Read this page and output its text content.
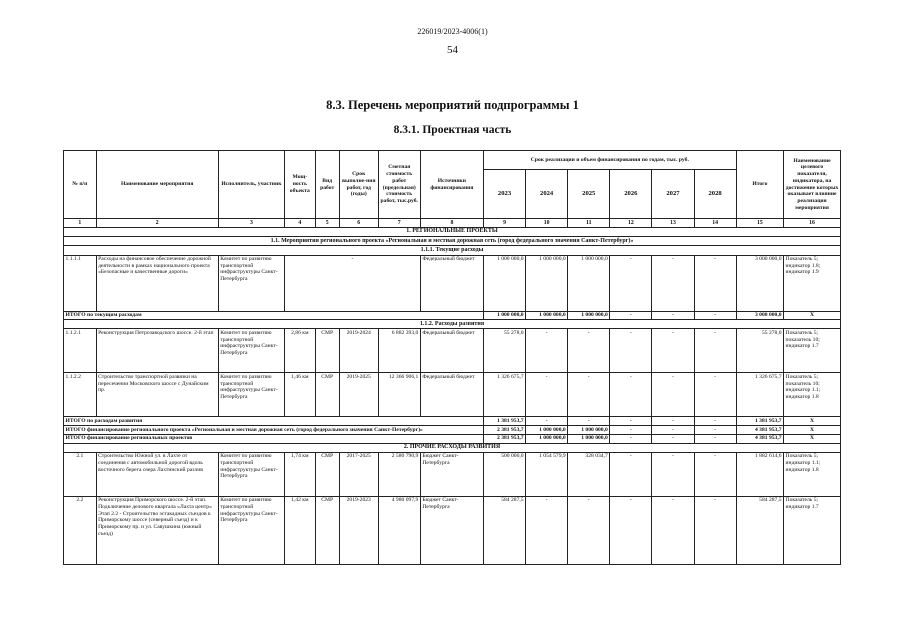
226019/2023-4006(1)
54
8.3. Перечень мероприятий подпрограммы 1
8.3.1. Проектная часть
№ п/п	Наименование мероприятия	Исполнитель, участник	Мощ-ность объекта	Вид работ	Срок выполне-ния работ, год (годы)	Сметная стоимость работ (предельная) стоимость работ, тыс.руб.	Источники финансирования	Срок реализации и объем финансирования по годам, тыс. руб.						Итого	Наименование целевого показателя, индикатора, на достижение которых оказывает влияние реализация мероприятия
								2023	2024	2025	2026	2027	2028		
1	2	3	4	5	6	7	8	9	10	11	12	13	14	15	16
1. РЕГИОНАЛЬНЫЕ ПРОЕКТЫ															
1.1. Мероприятия регионального проекта «Региональная и местная дорожная сеть (город федерального значения Санкт-Петербург)»															
1.1.1. Текущие расходы															
1.1.1.1	Расходы на финансовое обеспечение дорожной деятельности в рамках национального проекта «Безопасные и качественные дороги»	Комитет по развитию транспортной инфраструктуры Санкт-Петербурга	-				Федеральный бюджет	1 000 000,0	1 000 000,0	1 000 000,0	-	-	-	3 000 000,0	Показатель 5; индикатор 1.8; индикатор 1.9
ИТОГО по текущим расходам								1 000 000,0	1 000 000,0	1 000 000,0	-	-	-	3 000 000,0	Х
1.1.2. Расходы развития															
1.1.2.1	Реконструкция Петрозаводского шоссе. 2-й этап	Комитет по развитию транспортной инфраструктуры Санкт-Петербурга	2,86 км	СМР	2019-2024	6 882 393,0	Федеральный бюджет	55 278,0	-	-	-	-	-	55 278,0	Показатель 5; показатель 10; индикатор 1.7
1.1.2.2	Строительство транспортной развязки на пересечении Московского шоссе с Дунайским пр.	Комитет по развитию транспортной инфраструктуры Санкт-Петербурга	1,46 км	СМР	2019-2025	12 366 906,1	Федеральный бюджет	1 326 675,7	-	-	-	-	-	1 326 675,7	Показатель 5; показатель 10; индикатор 1.1; индикатор 1.8
ИТОГО по расходам развития								1 381 953,7	-	-	-	-	-	1 381 953,7	Х
ИТОГО финансирование регионального проекта «Региональная и местная дорожная сеть (город федерального значения Санкт-Петербург)»								2 381 953,7	1 000 000,0	1 000 000,0	-	-	-	4 381 953,7	Х
ИТОГО финансирование региональных проектов								2 381 953,7	1 000 000,0	1 000 000,0	-	-	-	4 381 953,7	Х
2. ПРОЧИЕ РАСХОДЫ РАЗВИТИЯ															
2.1	Строительство Южной ул. в Лахте от соединения с автомобильной дорогой вдоль восточного берега озера Лахтинский разлив	Комитет по развитию транспортной инфраструктуры Санкт-Петербурга	1,74 км	СМР	2017-2025	2 580 790,9	Бюджет Санкт-Петербурга	500 000,0	1 054 579,9	328 034,7	-	-	-	1 882 614,6	Показатель 5; индикатор 1.1; индикатор 1.8
2.2	Реконструкция Приморского шоссе. 2-й этап. Подключение делового квартала «Лахта центр» Этап 2.2 - Строительство эстакадных съездов к Приморскому шоссе (северный съезд) и к Приморскому пр. и ул. Савушкина (южный съезд)	Комитет по развитию транспортной инфраструктуры Санкт-Петербурга	1,42 км	СМР	2019-2023	4 980 097,9	Бюджет Санкт-Петербурга	584 287,5	-	-	-	-	-	584 287,5	Показатель 5; индикатор 1.7
